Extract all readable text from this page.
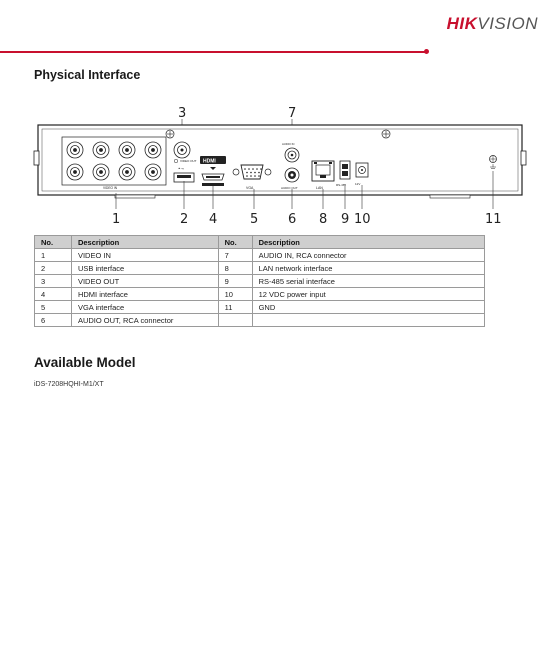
HIKVISION
Physical Interface
3	7
VIDEO IN
VIDEO OUT
•⊸
HDMI
VGA
AUDIO IN
AUDIO OUT	LAN
RS-485	12V
1	2 4	5 6 8 9 10	11
No.	Description	No.	Description
1	VIDEO IN	7	AUDIO IN, RCA connector
2	USB interface	8	LAN network interface
3	VIDEO OUT	9	RS-485 serial interface
4	HDMI interface	10	12 VDC power input
5	VGA interface	11	GND
6	AUDIO OUT, RCA connector		
Available Model
iDS-7208HQHI-M1/XT
